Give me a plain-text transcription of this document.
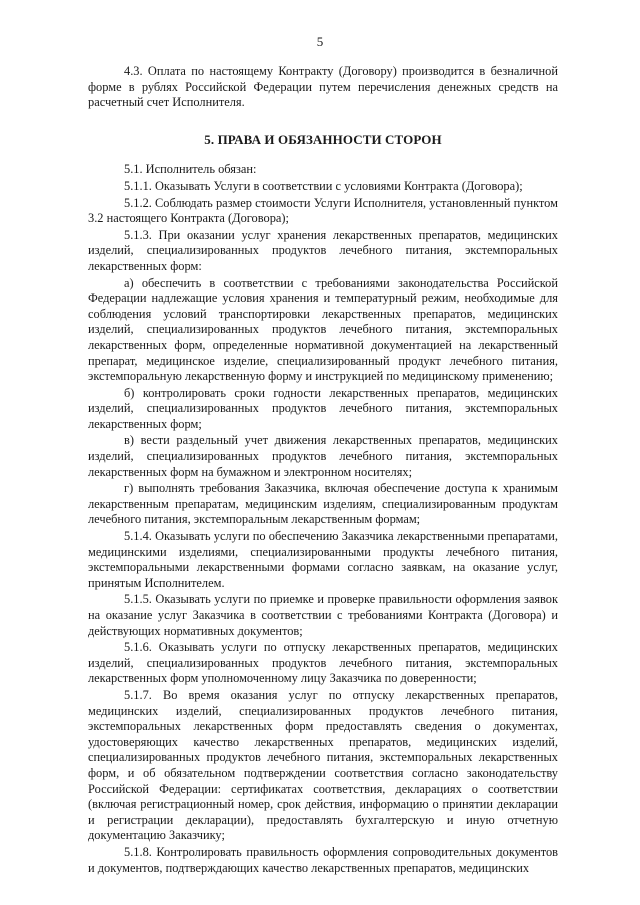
5

4.3. Оплата по настоящему Контракту (Договору) производится в безналичной форме в рублях Российской Федерации путем перечисления денежных средств на расчетный счет Исполнителя.

5. ПРАВА И ОБЯЗАННОСТИ СТОРОН

5.1. Исполнитель обязан:

5.1.1. Оказывать Услуги в соответствии с условиями Контракта (Договора);

5.1.2. Соблюдать размер стоимости Услуги Исполнителя, установленный пунктом 3.2 настоящего Контракта (Договора);

5.1.3. При оказании услуг хранения лекарственных препаратов, медицинских изделий, специализированных продуктов лечебного питания, экстемпоральных лекарственных форм:

а) обеспечить в соответствии с требованиями законодательства Российской Федерации надлежащие условия хранения и температурный режим, необходимые для соблюдения условий транспортировки лекарственных препаратов, медицинских изделий, специализированных продуктов лечебного питания, экстемпоральных лекарственных форм, определенные нормативной документацией на лекарственный препарат, медицинское изделие, специализированный продукт лечебного питания, экстемпоральную лекарственную форму и инструкцией по медицинскому применению;

б) контролировать сроки годности лекарственных препаратов, медицинских изделий, специализированных продуктов лечебного питания, экстемпоральных лекарственных форм;

в) вести раздельный учет движения лекарственных препаратов, медицинских изделий, специализированных продуктов лечебного питания, экстемпоральных лекарственных форм на бумажном и электронном носителях;

г) выполнять требования Заказчика, включая обеспечение доступа к хранимым лекарственным препаратам, медицинским изделиям, специализированным продуктам лечебного питания, экстемпоральным лекарственным формам;

5.1.4. Оказывать услуги по обеспечению Заказчика лекарственными препаратами, медицинскими изделиями, специализированными продукты лечебного питания, экстемпоральными лекарственными формами согласно заявкам, на оказание услуг, принятым Исполнителем.

5.1.5. Оказывать услуги по приемке и проверке правильности оформления заявок на оказание услуг Заказчика в соответствии с требованиями Контракта (Договора) и действующих нормативных документов;

5.1.6. Оказывать услуги по отпуску лекарственных препаратов, медицинских изделий, специализированных продуктов лечебного питания, экстемпоральных лекарственных форм уполномоченному лицу Заказчика по доверенности;

5.1.7. Во время оказания услуг по отпуску лекарственных препаратов, медицинских изделий, специализированных продуктов лечебного питания, экстемпоральных лекарственных форм предоставлять сведения о документах, удостоверяющих качество лекарственных препаратов, медицинских изделий, специализированных продуктов лечебного питания, экстемпоральных лекарственных форм, и об обязательном подтверждении соответствия согласно законодательству Российской Федерации: сертификатах соответствия, декларациях о соответствии (включая регистрационный номер, срок действия, информацию о принятии декларации и регистрации декларации), предоставлять бухгалтерскую и иную отчетную документацию Заказчику;

5.1.8. Контролировать правильность оформления сопроводительных документов и документов, подтверждающих качество лекарственных препаратов, медицинских
